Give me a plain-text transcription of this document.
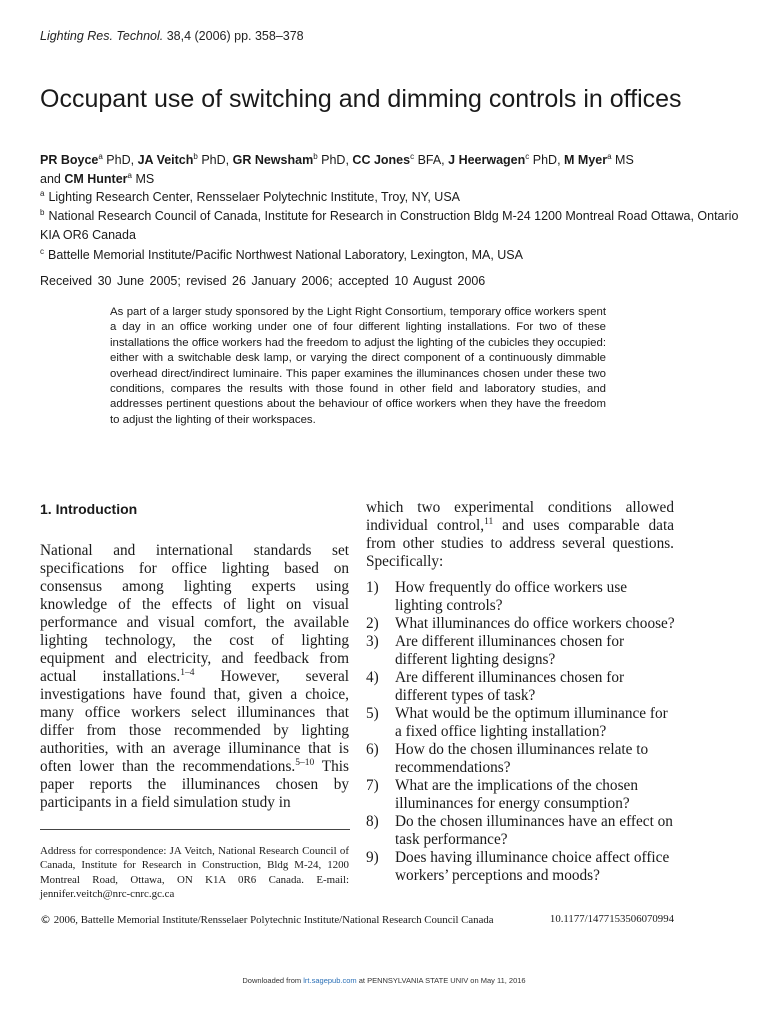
Lighting Res. Technol. 38,4 (2006) pp. 358–378
Occupant use of switching and dimming controls in offices
PR Boyce$^a$ PhD, JA Veitch$^b$ PhD, GR Newsham$^b$ PhD, CC Jones$^c$ BFA, J Heerwagen$^c$ PhD, M Myer$^a$ MS
and CM Hunter$^a$ MS

$^a$ Lighting Research Center, Rensselaer Polytechnic Institute, Troy, NY, USA

$^b$ National Research Council of Canada, Institute for Research in Construction Bldg M-24 1200 Montreal Road Ottawa, Ontario KIA OR6 Canada

$^c$ Battelle Memorial Institute/Pacific Northwest National Laboratory, Lexington, MA, USA

Received 30 June 2005; revised 26 January 2006; accepted 10 August 2006
As part of a larger study sponsored by the Light Right Consortium, temporary office workers spent a day in an office working under one of four different lighting installations. For two of these installations the office workers had the freedom to adjust the lighting of the cubicles they occupied: either with a switchable desk lamp, or varying the direct component of a continuously dimmable overhead direct/indirect luminaire. This paper examines the illuminances chosen under these two conditions, compares the results with those found in other field and laboratory studies, and addresses pertinent questions about the behaviour of office workers when they have the freedom to adjust the lighting of their workspaces.
1. Introduction
National and international standards set specifications for office lighting based on consensus among lighting experts using knowledge of the effects of light on visual performance and visual comfort, the available lighting technology, the cost of lighting equipment and electricity, and feedback from actual installations.$^{1-4}$ However, several investigations have found that, given a choice, many office workers select illuminances that differ from those recommended by lighting authorities, with an average illuminance that is often lower than the recommendations.$^{5-10}$ This paper reports the illuminances chosen by participants in a field simulation study in
Address for correspondence: JA Veitch, National Research Council of Canada, Institute for Research in Construction, Bldg M-24, 1200 Montreal Road, Ottawa, ON K1A 0R6 Canada. E-mail: jennifer.veitch@nrc-cnrc.gc.ca
which two experimental conditions allowed individual control,$^{11}$ and uses comparable data from other studies to address several questions. Specifically:
1) How frequently do office workers use lighting controls?
2) What illuminances do office workers choose?
3) Are different illuminances chosen for different lighting designs?
4) Are different illuminances chosen for different types of task?
5) What would be the optimum illuminance for a fixed office lighting installation?
6) How do the chosen illuminances relate to recommendations?
7) What are the implications of the chosen illuminances for energy consumption?
8) Do the chosen illuminances have an effect on task performance?
9) Does having illuminance choice affect office workers’ perceptions and moods?
© 2006, Battelle Memorial Institute/Rensselaer Polytechnic Institute/National Research Council Canada	10.1177/1477153506070994
Downloaded from lrt.sagepub.com at PENNSYLVANIA STATE UNIV on May 11, 2016
